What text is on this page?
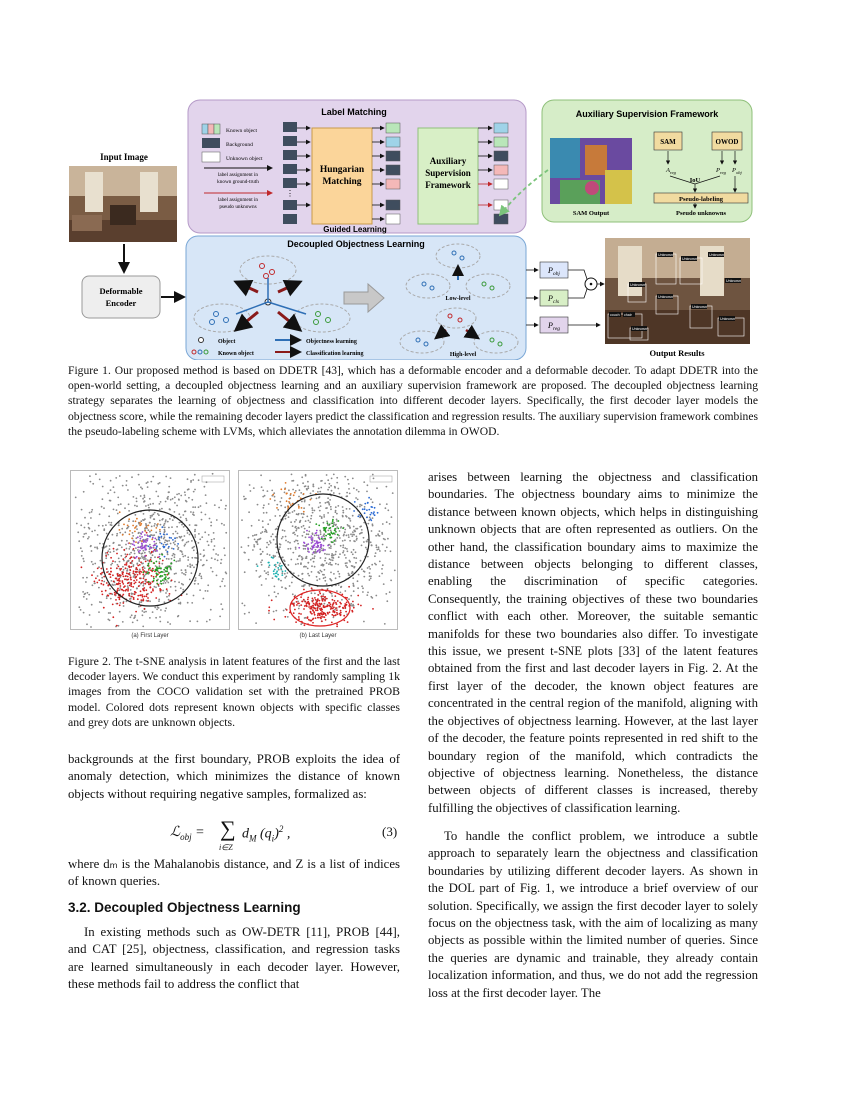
Input Image
Deformable
Encoder
Label Matching
Known object
Background
Unknown object
label assignment in
known ground-truth
label assignment in
pseudo unknowns
⋮
Hungarian
Matching
Auxiliary
Supervision
Framework
Guided Learning
Auxiliary Supervision Framework
SAM Output
SAM	OWOD
$A_{reg}$	$P_{reg}$ $P_{obj}$
IoU
Pseudo-labeling
Pseudo unknowns
Decoupled Objectness Learning
Low-level
High-level
Object
Known object
Objectness learning
Classification learning
$P_{obj}$
$P_{cls}$
$P_{reg}$
Unknown
Unknown
Unknown
Unknown
Unknown
Unknown
Unknown
Unknown
couch chair
Unknown
Output Results
Figure 1. Our proposed method is based on DDETR [43], which has a deformable encoder and a deformable decoder. To adapt DDETR into the open-world setting, a decoupled objectness learning and an auxiliary supervision framework are proposed. The decoupled objectness learning strategy separates the learning of objectness and classification into different decoder layers. Specifically, the first decoder layer models the objectness score, while the remaining decoder layers predict the classification and regression results. The auxiliary supervision framework combines the pseudo-labeling scheme with LVMs, which alleviates the annotation dilemma in OWOD.
(a) First Layer	(b) Last Layer
Figure 2. The t-SNE analysis in latent features of the first and the last decoder layers. We conduct this experiment by randomly sampling 1k images from the COCO validation set with the pretrained PROB model. Colored dots represent known objects with specific classes and grey dots are unknown objects.
backgrounds at the first boundary, PROB exploits the idea of anomaly detection, which minimizes the distance of known objects without requiring negative samples, formalized as:
ℒ$_{obj}$ = ∑
i∈Z
$d_M$ $(q_i)^2$ ,	(3)
where dₘ is the Mahalanobis distance, and Z is a list of indices of known queries.
3.2. Decoupled Objectness Learning
In existing methods such as OW-DETR [11], PROB [44], and CAT [25], objectness, classification, and regression tasks are learned simultaneously in each decoder layer. However, these methods fail to address the conflict that
arises between learning the objectness and classification boundaries. The objectness boundary aims to minimize the distance between known objects, which helps in distinguishing unknown objects that are often represented as outliers. On the other hand, the classification boundary aims to maximize the distance between objects belonging to different classes, enabling the discrimination of specific categories. Consequently, the training objectives of these two boundaries conflict with each other. Moreover, the suitable semantic manifolds for these two boundaries also differ. To investigate this issue, we present t-SNE plots [33] of the latent features obtained from the first and last decoder layers in Fig. 2. At the first layer of the decoder, the known object features are concentrated in the central region of the manifold, aligning with the objectives of objectness learning. However, at the last layer of the decoder, the feature points represented in red shift to the boundary region of the manifold, which contradicts the objective of objectness learning. Nonetheless, the distance between objects of different classes is increased, thereby fulfilling the objectives of classification learning.
To handle the conflict problem, we introduce a subtle approach to separately learn the objectness and classification boundaries by utilizing different decoder layers. As shown in the DOL part of Fig. 1, we introduce a brief overview of our solution. Specifically, we assign the first decoder layer to solely focus on the objectness task, with the aim of localizing as many objects as possible within the limited number of queries. Since the queries are dynamic and trainable, they already contain localization information, and thus, we do not add the regression loss at the first decoder layer. The
